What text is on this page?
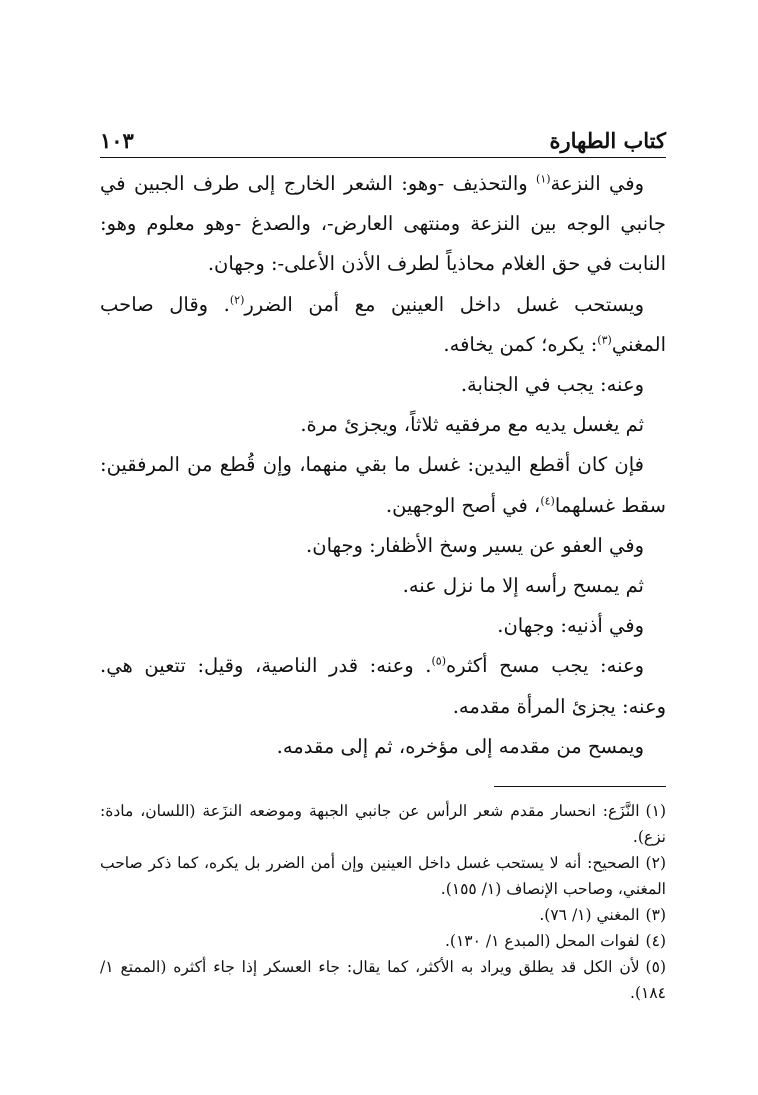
كتاب الطهارة
١٠٣

وفي النزعة$^{(١)}$ والتحذيف -وهو: الشعر الخارج إلى طرف الجبين في جانبي الوجه بين النزعة ومنتهى العارض-، والصدغ -وهو معلوم وهو: النابت في حق الغلام محاذياً لطرف الأذن الأعلى-: وجهان.

ويستحب غسل داخل العينين مع أمن الضرر$^{(٢)}$. وقال صاحب المغني$^{(٣)}$: يكره؛ كمن يخافه.

وعنه: يجب في الجنابة.

ثم يغسل يديه مع مرفقيه ثلاثاً، ويجزئ مرة.

فإن كان أقطع اليدين: غسل ما بقي منهما، وإن قُطع من المرفقين: سقط غسلهما$^{(٤)}$، في أصح الوجهين.

وفي العفو عن يسير وسخ الأظفار: وجهان.

ثم يمسح رأسه إلا ما نزل عنه.

وفي أذنيه: وجهان.

وعنه: يجب مسح أكثره$^{(٥)}$. وعنه: قدر الناصية، وقيل: تتعين هي. وعنه: يجزئ المرأة مقدمه.

ويمسح من مقدمه إلى مؤخره، ثم إلى مقدمه.

(١)النَّزَع: انحسار مقدم شعر الرأس عن جانبي الجبهة وموضعه النزَعة (اللسان، مادة: نزع).

(٢)الصحيح: أنه لا يستحب غسل داخل العينين وإن أمن الضرر بل يكره، كما ذكر صاحب المغني، وصاحب الإنصاف (١/ ١٥٥).

(٣)المغني (١/ ٧٦).

(٤)لفوات المحل (المبدع ١/ ١٣٠).

(٥)لأن الكل قد يطلق ويراد به الأكثر، كما يقال: جاء العسكر إذا جاء أكثره (الممتع ١/ ١٨٤).
